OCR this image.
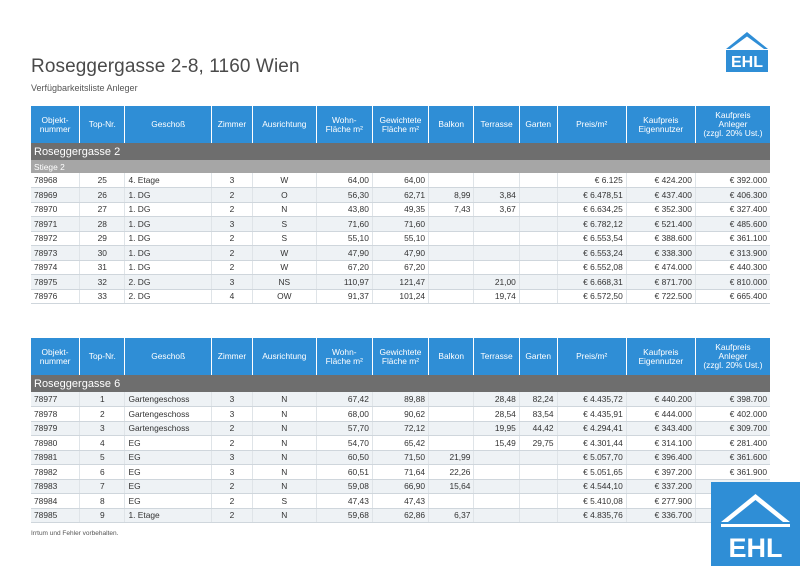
Roseggergasse 2-8, 1160 Wien
Verfügbarkeitsliste Anleger
EHL
Objekt-
nummer	Top-Nr.	Geschoß	Zimmer	Ausrichtung	Wohn-
Fläche m²	Gewichtete
Fläche m²	Balkon	Terrasse	Garten	Preis/m²	Kaufpreis
Eigennutzer	Kaufpreis
Anleger
(zzgl. 20% Ust.)
Roseggergasse 2												
Stiege 2												
78968	25	4. Etage	3	W	64,00	64,00				€ 6.125	€ 424.200	€ 392.000
78969	26	1. DG	2	O	56,30	62,71	8,99	3,84		€ 6.478,51	€ 437.400	€ 406.300
78970	27	1. DG	2	N	43,80	49,35	7,43	3,67		€ 6.634,25	€ 352.300	€ 327.400
78971	28	1. DG	3	S	71,60	71,60				€ 6.782,12	€ 521.400	€ 485.600
78972	29	1. DG	2	S	55,10	55,10				€ 6.553,54	€ 388.600	€ 361.100
78973	30	1. DG	2	W	47,90	47,90				€ 6.553,24	€ 338.300	€ 313.900
78974	31	1. DG	2	W	67,20	67,20				€ 6.552,08	€ 474.000	€ 440.300
78975	32	2. DG	3	NS	110,97	121,47		21,00		€ 6.668,31	€ 871.700	€ 810.000
78976	33	2. DG	4	OW	91,37	101,24		19,74		€ 6.572,50	€ 722.500	€ 665.400
Objekt-
nummer	Top-Nr.	Geschoß	Zimmer	Ausrichtung	Wohn-
Fläche m²	Gewichtete
Fläche m²	Balkon	Terrasse	Garten	Preis/m²	Kaufpreis
Eigennutzer	Kaufpreis
Anleger
(zzgl. 20% Ust.)
Roseggergasse 6												
78977	1	Gartengeschoss	3	N	67,42	89,88		28,48	82,24	€ 4.435,72	€ 440.200	€ 398.700
78978	2	Gartengeschoss	3	N	68,00	90,62		28,54	83,54	€ 4.435,91	€ 444.000	€ 402.000
78979	3	Gartengeschoss	2	N	57,70	72,12		19,95	44,42	€ 4.294,41	€ 343.400	€ 309.700
78980	4	EG	2	N	54,70	65,42		15,49	29,75	€ 4.301,44	€ 314.100	€ 281.400
78981	5	EG	3	N	60,50	71,50	21,99			€ 5.057,70	€ 396.400	€ 361.600
78982	6	EG	3	N	60,51	71,64	22,26			€ 5.051,65	€ 397.200	€ 361.900
78983	7	EG	2	N	59,08	66,90	15,64			€ 4.544,10	€ 337.200	
78984	8	EG	2	S	47,43	47,43				€ 5.410,08	€ 277.900	
78985	9	1. Etage	2	N	59,68	62,86	6,37			€ 4.835,76	€ 336.700	
Irrtum und Fehler vorbehalten.	EHL
